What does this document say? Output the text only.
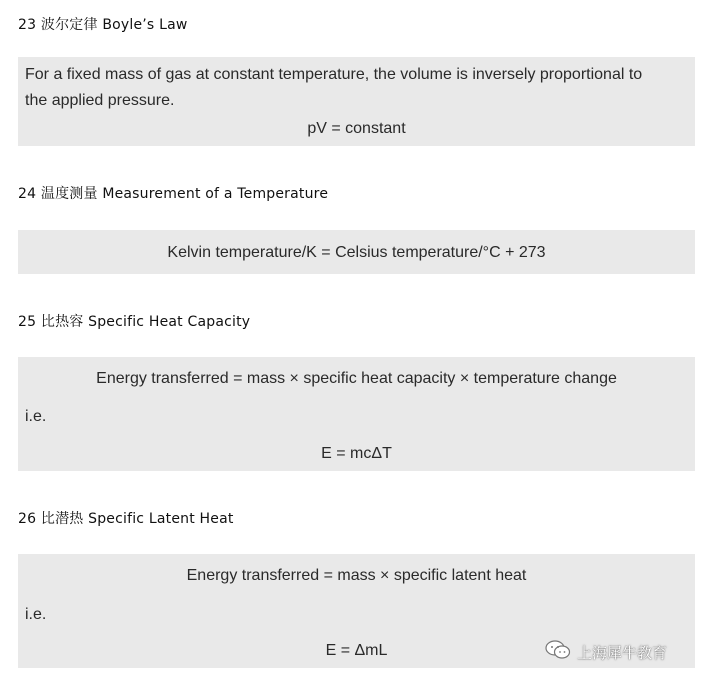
23 波尔定律 Boyle’s Law
For a fixed mass of gas at constant temperature, the volume is inversely proportional to
the applied pressure.
pV = constant
24 温度测量 Measurement of a Temperature
Kelvin temperature/K = Celsius temperature/°C + 273
25 比热容 Specific Heat Capacity
Energy transferred = mass × specific heat capacity × temperature change
i.e.
E = mcΔT
26 比潜热 Specific Latent Heat
Energy transferred = mass × specific latent heat
i.e.
E = ΔmL	上海犀牛教育
